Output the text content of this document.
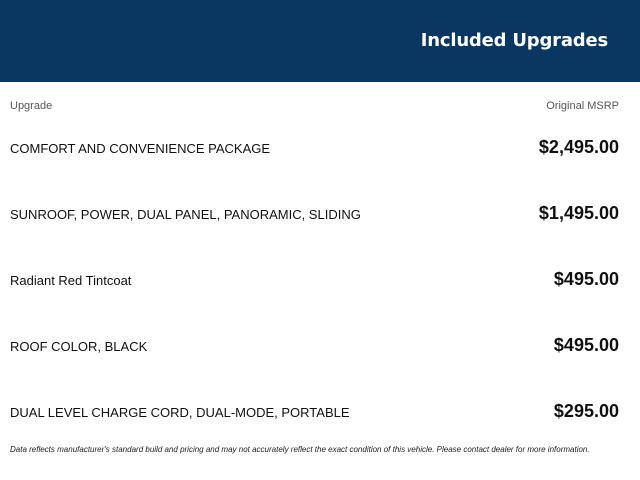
Included Upgrades
Upgrade	Original MSRP
COMFORT AND CONVENIENCE PACKAGE	$2,495.00
SUNROOF, POWER, DUAL PANEL, PANORAMIC, SLIDING	$1,495.00
Radiant Red Tintcoat	$495.00
ROOF COLOR, BLACK	$495.00
DUAL LEVEL CHARGE CORD, DUAL-MODE, PORTABLE	$295.00
Data reflects manufacturer's standard build and pricing and may not accurately reflect the exact condition of this vehicle. Please contact dealer for more information.
